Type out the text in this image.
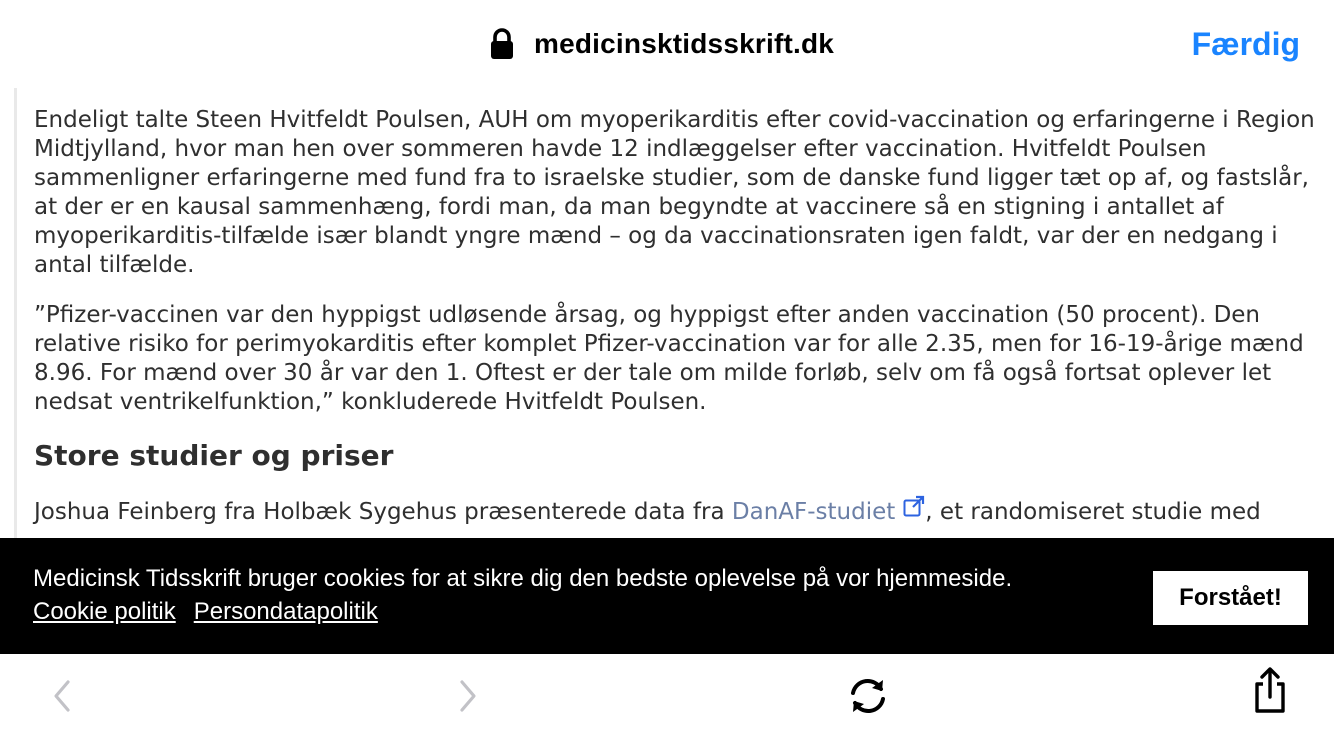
medicinsktidsskrift.dk	Færdig

Endeligt talte Steen Hvitfeldt Poulsen, AUH om myoperikarditis efter covid-vaccination og erfaringerne i Region Midtjylland, hvor man hen over sommeren havde 12 indlæggelser efter vaccination. Hvitfeldt Poulsen sammenligner erfaringerne med fund fra to israelske studier, som de danske fund ligger tæt op af, og fastslår, at der er en kausal sammenhæng, fordi man, da man begyndte at vaccinere så en stigning i antallet af myoperikarditis-tilfælde især blandt yngre mænd – og da vaccinationsraten igen faldt, var der en nedgang i antal tilfælde.

”Pfizer-vaccinen var den hyppigst udløsende årsag, og hyppigst efter anden vaccination (50 procent). Den relative risiko for perimyokarditis efter komplet Pfizer-vaccination var for alle 2.35, men for 16-19-årige mænd 8.96. For mænd over 30 år var den 1. Oftest er der tale om milde forløb, selv om få også fortsat oplever let nedsat ventrikelfunktion,” konkluderede Hvitfeldt Poulsen.

Store studier og priser

Joshua Feinberg fra Holbæk Sygehus præsenterede data fra DanAF-studiet , et randomiseret studie med

Medicinsk Tidsskrift bruger cookies for at sikre dig den bedste oplevelse på vor hjemmeside.
Cookie politik Persondatapolitik
Forstået!
